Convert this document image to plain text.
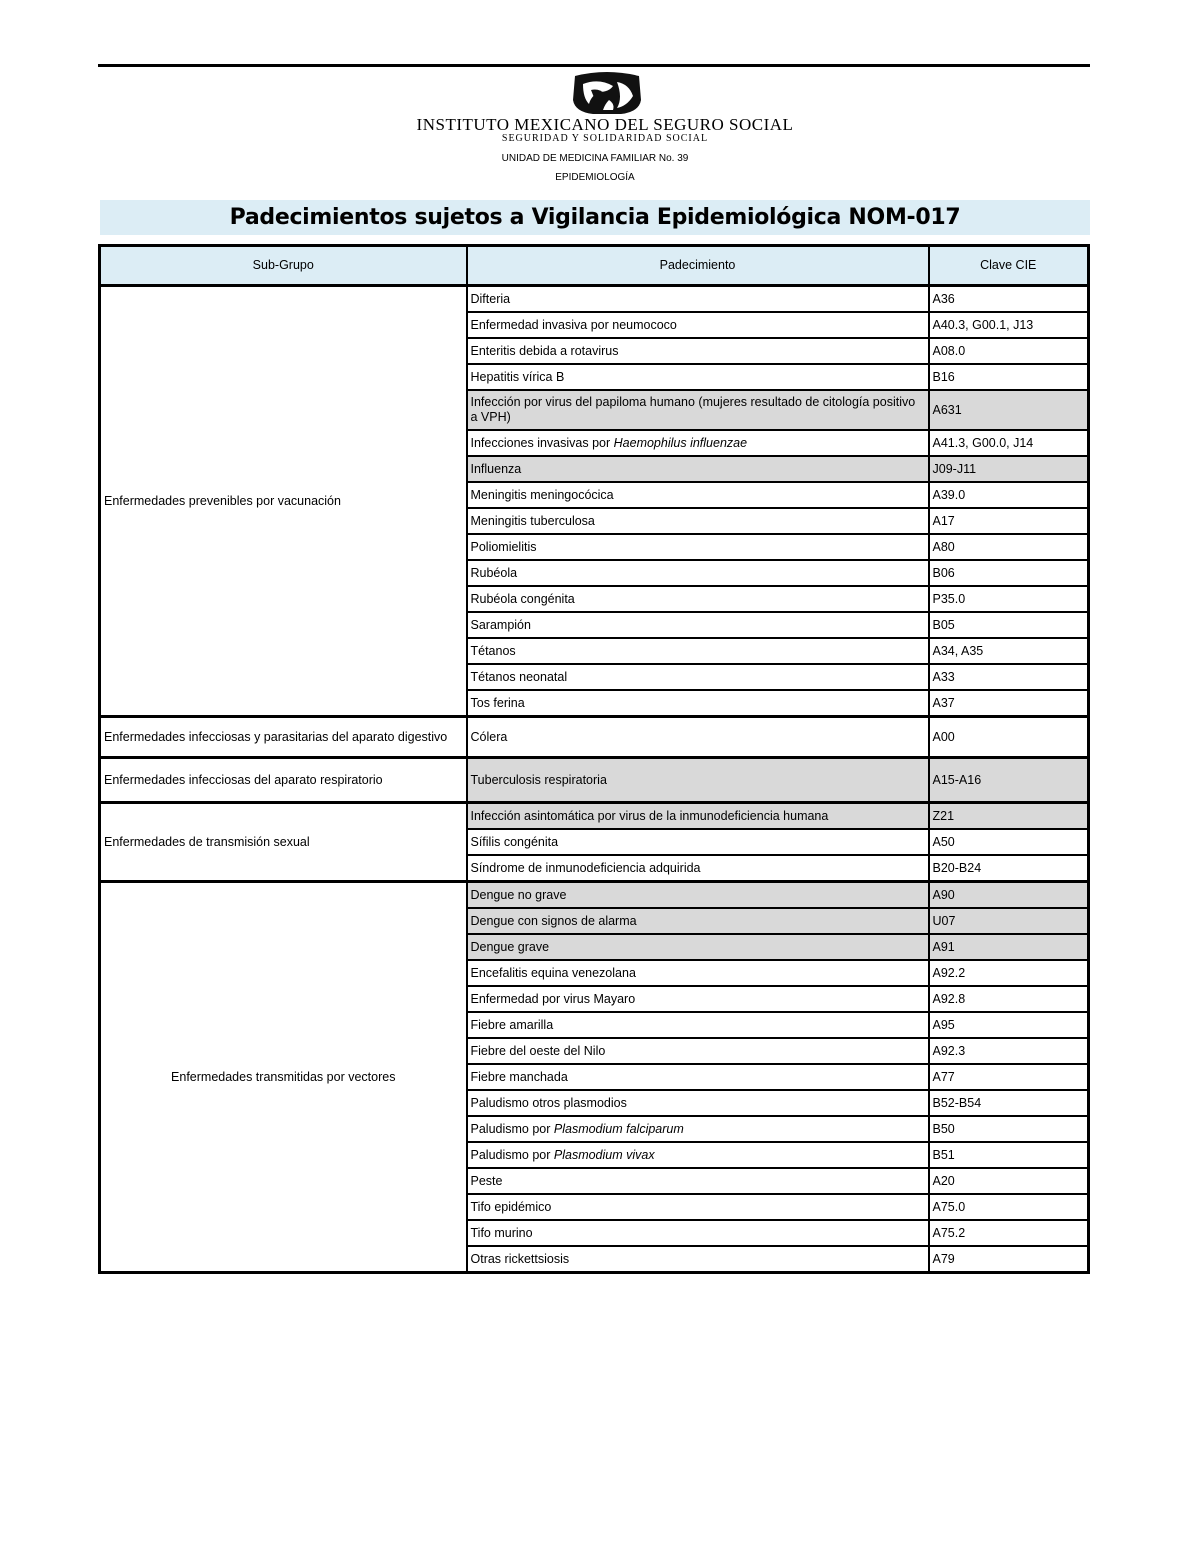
INSTITUTO MEXICANO DEL SEGURO SOCIAL
SEGURIDAD Y SOLIDARIDAD SOCIAL
UNIDAD DE MEDICINA FAMILIAR No. 39
EPIDEMIOLOGÍA
Padecimientos sujetos a Vigilancia Epidemiológica NOM-017
Sub-Grupo	Padecimiento	Clave CIE
Enfermedades prevenibles por vacunación	Difteria	A36
	Enfermedad invasiva por neumococo	A40.3, G00.1, J13
	Enteritis debida a rotavirus	A08.0
	Hepatitis vírica B	B16
	Infección por virus del papiloma humano (mujeres resultado de citología positivo a VPH)	A631
	Infecciones invasivas por Haemophilus influenzae	A41.3, G00.0, J14
	Influenza	J09-J11
	Meningitis meningocócica	A39.0
	Meningitis tuberculosa	A17
	Poliomielitis	A80
	Rubéola	B06
	Rubéola congénita	P35.0
	Sarampión	B05
	Tétanos	A34, A35
	Tétanos neonatal	A33
	Tos ferina	A37
Enfermedades infecciosas y parasitarias del aparato digestivo	Cólera	A00
Enfermedades infecciosas del aparato respiratorio	Tuberculosis respiratoria	A15-A16
Enfermedades de transmisión sexual	Infección asintomática por virus de la inmunodeficiencia humana	Z21
	Sífilis congénita	A50
	Síndrome de inmunodeficiencia adquirida	B20-B24
Enfermedades transmitidas por vectores	Dengue no grave	A90
	Dengue con signos de alarma	U07
	Dengue grave	A91
	Encefalitis equina venezolana	A92.2
	Enfermedad por virus Mayaro	A92.8
	Fiebre amarilla	A95
	Fiebre del oeste del Nilo	A92.3
	Fiebre manchada	A77
	Paludismo otros plasmodios	B52-B54
	Paludismo por Plasmodium falciparum	B50
	Paludismo por Plasmodium vivax	B51
	Peste	A20
	Tifo epidémico	A75.0
	Tifo murino	A75.2
	Otras rickettsiosis	A79
